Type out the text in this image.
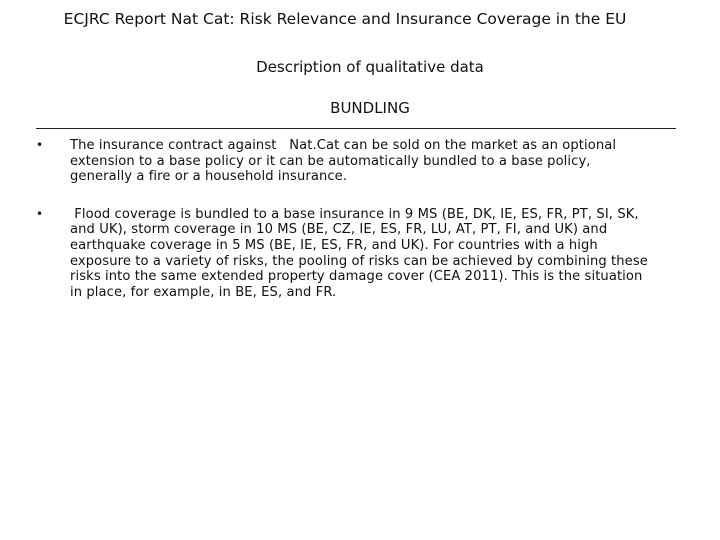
ECJRC Report Nat Cat: Risk Relevance and Insurance Coverage in the EU
Description of qualitative data
BUNDLING
• The insurance contract against   Nat.Cat can be sold on the market as an optional extension to a base policy or it can be automatically bundled to a base policy, generally a fire or a household insurance.
• Flood coverage is bundled to a base insurance in 9 MS (BE, DK, IE, ES, FR, PT, SI, SK, and UK), storm coverage in 10 MS (BE, CZ, IE, ES, FR, LU, AT, PT, FI, and UK) and earthquake coverage in 5 MS (BE, IE, ES, FR, and UK). For countries with a high exposure to a variety of risks, the pooling of risks can be achieved by combining these risks into the same extended property damage cover (CEA 2011). This is the situation in place, for example, in BE, ES, and FR.
